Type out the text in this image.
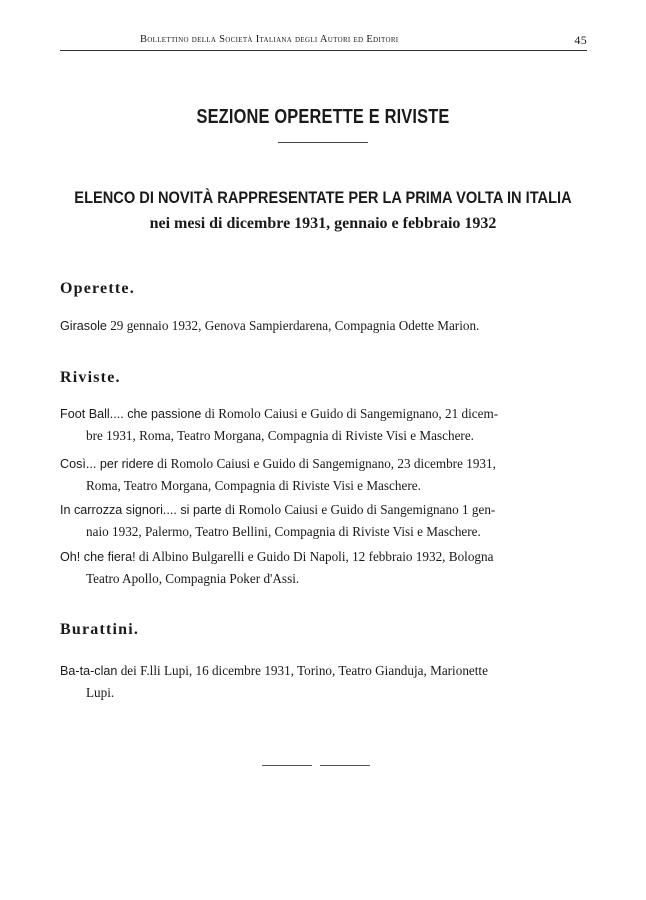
Bollettino della Società Italiana degli Autori ed Editori	45
SEZIONE OPERETTE E RIVISTE
ELENCO DI NOVITÀ RAPPRESENTATE PER LA PRIMA VOLTA IN ITALIA
nei mesi di dicembre 1931, gennaio e febbraio 1932
Operette.
Girasole 29 gennaio 1932, Genova Sampierdarena, Compagnia Odette Marion.
Riviste.
Foot Ball.... che passione di Romolo Caiusi e Guido di Sangemignano, 21 dicem-
bre 1931, Roma, Teatro Morgana, Compagnia di Riviste Visi e Maschere.
Così... per ridere di Romolo Caiusi e Guido di Sangemignano, 23 dicembre 1931,
Roma, Teatro Morgana, Compagnia di Riviste Visi e Maschere.
In carrozza signori.... si parte di Romolo Caiusi e Guido di Sangemignano 1 gen-
naio 1932, Palermo, Teatro Bellini, Compagnia di Riviste Visi e Maschere.
Oh! che fiera! di Albino Bulgarelli e Guido Di Napoli, 12 febbraio 1932, Bologna
Teatro Apollo, Compagnia Poker d'Assi.
Burattini.
Ba-ta-clan dei F.lli Lupi, 16 dicembre 1931, Torino, Teatro Gianduja, Marionette
Lupi.
